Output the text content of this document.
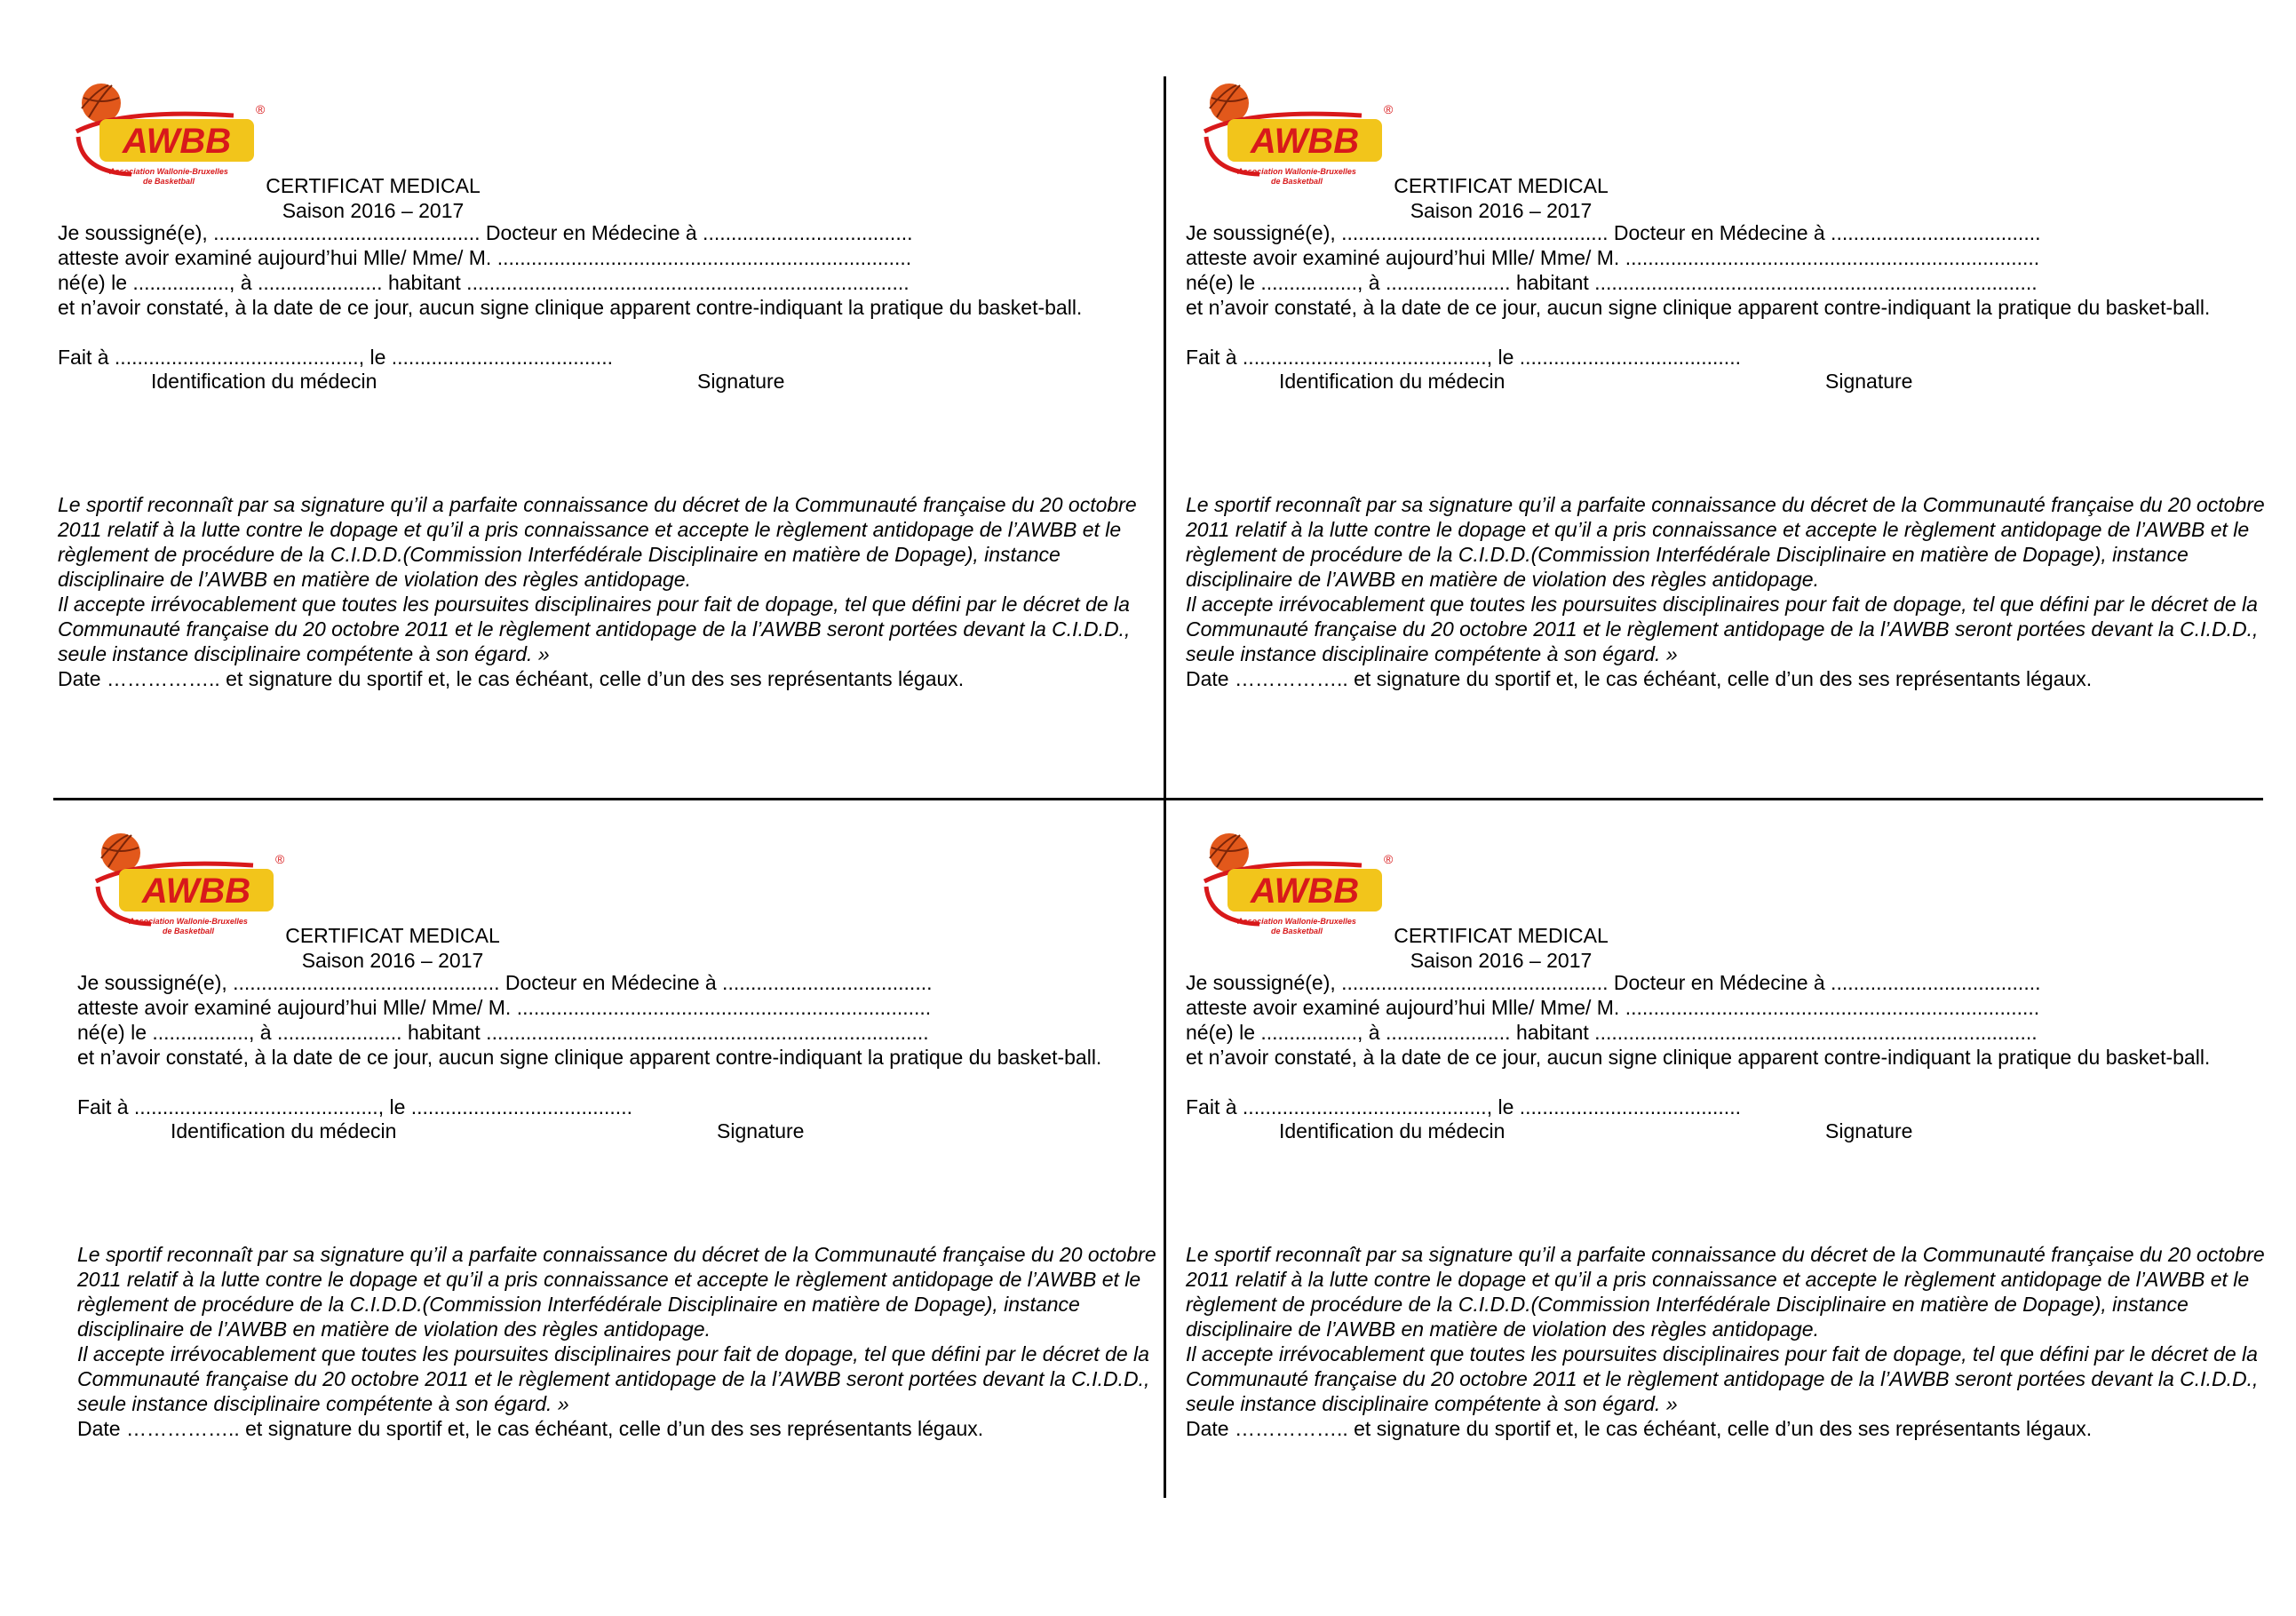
AWBB
®
Association Wallonie-Bruxelles
de Basketball	CERTIFICAT MEDICAL
Saison 2016 – 2017
Je soussigné(e), ............................................... Docteur en Médecine à .....................................
atteste avoir examiné aujourd’hui Mlle/ Mme/ M. .........................................................................
né(e) le ................., à ...................... habitant ..............................................................................
et n’avoir constaté, à la date de ce jour, aucun signe clinique apparent contre-indiquant la pratique du basket-ball.
Fait à ..........................................., le .......................................
Identification du médecin	Signature
Le sportif reconnaît par sa signature qu’il a parfaite connaissance du décret de la Communauté française du 20 octobre 2011 relatif à la lutte contre le dopage et qu’il a pris connaissance et accepte le règlement antidopage de l’AWBB et le règlement de procédure de la C.I.D.D.(Commission Interfédérale Disciplinaire en matière de Dopage), instance disciplinaire de l’AWBB en matière de violation des règles antidopage.
Il accepte irrévocablement que toutes les poursuites disciplinaires pour fait de dopage, tel que défini par le décret de la Communauté française du 20 octobre 2011 et le règlement antidopage de la l’AWBB seront portées devant la C.I.D.D., seule instance disciplinaire compétente à son égard. »
Date …………….. et signature du sportif et, le cas échéant, celle d’un des ses représentants légaux.
AWBB
®
Association Wallonie-Bruxelles
de Basketball	CERTIFICAT MEDICAL
Saison 2016 – 2017
Je soussigné(e), ............................................... Docteur en Médecine à .....................................
atteste avoir examiné aujourd’hui Mlle/ Mme/ M. .........................................................................
né(e) le ................., à ...................... habitant ..............................................................................
et n’avoir constaté, à la date de ce jour, aucun signe clinique apparent contre-indiquant la pratique du basket-ball.
Fait à ..........................................., le .......................................
Identification du médecin	Signature
Le sportif reconnaît par sa signature qu’il a parfaite connaissance du décret de la Communauté française du 20 octobre 2011 relatif à la lutte contre le dopage et qu’il a pris connaissance et accepte le règlement antidopage de l’AWBB et le règlement de procédure de la C.I.D.D.(Commission Interfédérale Disciplinaire en matière de Dopage), instance disciplinaire de l’AWBB en matière de violation des règles antidopage.
Il accepte irrévocablement que toutes les poursuites disciplinaires pour fait de dopage, tel que défini par le décret de la Communauté française du 20 octobre 2011 et le règlement antidopage de la l’AWBB seront portées devant la C.I.D.D., seule instance disciplinaire compétente à son égard. »
Date …………….. et signature du sportif et, le cas échéant, celle d’un des ses représentants légaux.
AWBB
®
Association Wallonie-Bruxelles
de Basketball	CERTIFICAT MEDICAL
Saison 2016 – 2017
Je soussigné(e), ............................................... Docteur en Médecine à .....................................
atteste avoir examiné aujourd’hui Mlle/ Mme/ M. .........................................................................
né(e) le ................., à ...................... habitant ..............................................................................
et n’avoir constaté, à la date de ce jour, aucun signe clinique apparent contre-indiquant la pratique du basket-ball.
Fait à ..........................................., le .......................................
Identification du médecin	Signature
Le sportif reconnaît par sa signature qu’il a parfaite connaissance du décret de la Communauté française du 20 octobre 2011 relatif à la lutte contre le dopage et qu’il a pris connaissance et accepte le règlement antidopage de l’AWBB et le règlement de procédure de la C.I.D.D.(Commission Interfédérale Disciplinaire en matière de Dopage), instance disciplinaire de l’AWBB en matière de violation des règles antidopage.
Il accepte irrévocablement que toutes les poursuites disciplinaires pour fait de dopage, tel que défini par le décret de la Communauté française du 20 octobre 2011 et le règlement antidopage de la l’AWBB seront portées devant la C.I.D.D., seule instance disciplinaire compétente à son égard. »
Date …………….. et signature du sportif et, le cas échéant, celle d’un des ses représentants légaux.
AWBB
®
Association Wallonie-Bruxelles
de Basketball	CERTIFICAT MEDICAL
Saison 2016 – 2017
Je soussigné(e), ............................................... Docteur en Médecine à .....................................
atteste avoir examiné aujourd’hui Mlle/ Mme/ M. .........................................................................
né(e) le ................., à ...................... habitant ..............................................................................
et n’avoir constaté, à la date de ce jour, aucun signe clinique apparent contre-indiquant la pratique du basket-ball.
Fait à ..........................................., le .......................................
Identification du médecin	Signature
Le sportif reconnaît par sa signature qu’il a parfaite connaissance du décret de la Communauté française du 20 octobre 2011 relatif à la lutte contre le dopage et qu’il a pris connaissance et accepte le règlement antidopage de l’AWBB et le règlement de procédure de la C.I.D.D.(Commission Interfédérale Disciplinaire en matière de Dopage), instance disciplinaire de l’AWBB en matière de violation des règles antidopage.
Il accepte irrévocablement que toutes les poursuites disciplinaires pour fait de dopage, tel que défini par le décret de la Communauté française du 20 octobre 2011 et le règlement antidopage de la l’AWBB seront portées devant la C.I.D.D., seule instance disciplinaire compétente à son égard. »
Date …………….. et signature du sportif et, le cas échéant, celle d’un des ses représentants légaux.
